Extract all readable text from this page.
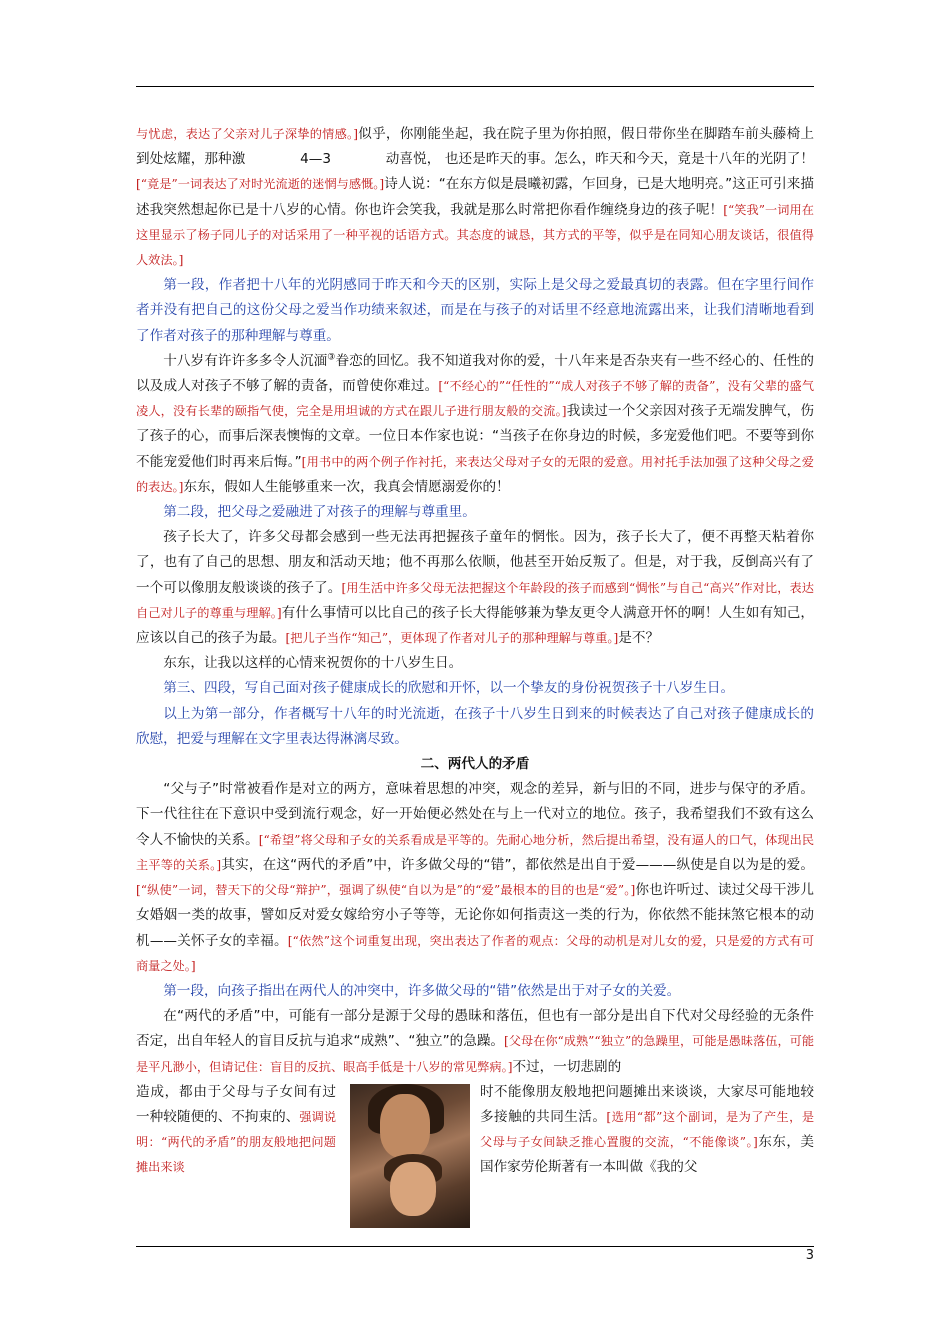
与忧虑，表达了父亲对儿子深挚的情感。]似乎，你刚能坐起，我在院子里为你拍照，假日带你坐在脚踏车前头藤椅上到处炫耀，那种激　　　　4—3　　　　动喜悦， 也还是昨天的事。怎么，昨天和今天，竟是十八年的光阴了！[“竟是”一词表达了对时光流逝的迷惘与感慨。]诗人说：“在东方似是晨曦初露，乍回身，已是大地明亮。”这正可引来描述我突然想起你已是十八岁的心情。你也许会笑我，我就是那么时常把你看作缠绕身边的孩子呢！[“笑我”一词用在这里显示了杨子同儿子的对话采用了一种平视的话语方式。其态度的诚恳，其方式的平等，似乎是在同知心朋友谈话，很值得人效法。]

第一段，作者把十八年的光阴感同于昨天和今天的区别，实际上是父母之爱最真切的表露。但在字里行间作者并没有把自己的这份父母之爱当作功绩来叙述，而是在与孩子的对话里不经意地流露出来，让我们清晰地看到了作者对孩子的那种理解与尊重。

十八岁有许许多多令人沉湎③眷恋的回忆。我不知道我对你的爱，十八年来是否杂夹有一些不经心的、任性的以及成人对孩子不够了解的责备，而曾使你难过。[“不经心的”“任性的”“成人对孩子不够了解的责备”，没有父辈的盛气凌人，没有长辈的颐指气使，完全是用坦诚的方式在跟儿子进行朋友般的交流。]我读过一个父亲因对孩子无端发脾气，伤了孩子的心，而事后深表懊悔的文章。一位日本作家也说：“当孩子在你身边的时候，多宠爱他们吧。不要等到你不能宠爱他们时再来后悔。”[用书中的两个例子作衬托，来表达父母对子女的无限的爱意。用衬托手法加强了这种父母之爱的表达。]东东，假如人生能够重来一次，我真会情愿溺爱你的！

第二段，把父母之爱融进了对孩子的理解与尊重里。

孩子长大了，许多父母都会感到一些无法再把握孩子童年的惘怅。因为，孩子长大了，便不再整天粘着你了，也有了自己的思想、朋友和活动天地；他不再那么依顺，他甚至开始反叛了。但是，对于我，反倒高兴有了一个可以像朋友般谈谈的孩子了。[用生活中许多父母无法把握这个年龄段的孩子而感到“惆怅”与自己“高兴”作对比，表达自己对儿子的尊重与理解。]有什么事情可以比自己的孩子长大得能够兼为挚友更令人满意开怀的啊！人生如有知己，应该以自己的孩子为最。[把儿子当作“知己”，更体现了作者对儿子的那种理解与尊重。]是不？

东东，让我以这样的心情来祝贺你的十八岁生日。

第三、四段，写自己面对孩子健康成长的欣慰和开怀，以一个挚友的身份祝贺孩子十八岁生日。

以上为第一部分，作者概写十八年的时光流逝，在孩子十八岁生日到来的时候表达了自己对孩子健康成长的欣慰，把爱与理解在文字里表达得淋漓尽致。

二、两代人的矛盾

“父与子”时常被看作是对立的两方，意味着思想的冲突，观念的差异，新与旧的不同，进步与保守的矛盾。下一代往往在下意识中受到流行观念，好一开始便必然处在与上一代对立的地位。孩子，我希望我们不致有这么令人不愉快的关系。[“希望”将父母和子女的关系看成是平等的。先耐心地分析，然后提出希望，没有逼人的口气，体现出民主平等的关系。]其实，在这“两代的矛盾”中，许多做父母的“错”，都依然是出自于爱———纵使是自以为是的爱。[“纵使”一词，替天下的父母“辩护”，强调了纵使“自以为是”的“爱”最根本的目的也是“爱”。]你也许听过、读过父母干涉儿女婚姻一类的故事，譬如反对爱女嫁给穷小子等等，无论你如何指责这一类的行为，你依然不能抹煞它根本的动机——关怀子女的幸福。[“依然”这个词重复出现，突出表达了作者的观点：父母的动机是对儿女的爱，只是爱的方式有可商量之处。]

第一段，向孩子指出在两代人的冲突中，许多做父母的“错”依然是出于对子女的关爱。

在“两代的矛盾”中，可能有一部分是源于父母的愚昧和落伍，但也有一部分是出自下代对父母经验的无条件否定，出自年轻人的盲目反抗与追求“成熟”、“独立”的急躁。[父母在你“成熟”“独立”的急躁里，可能是愚昧落伍，可能是平凡渺小，但请记住：盲目的反抗、眼高手低是十八岁的常见弊病。]不过，一切悲剧的

造成，都由于父母与子女间有过一种较随便的、不拘束的、强调说明：“两代的矛盾”的朋友般地把问题摊出来谈

时不能像朋友般地把问题摊出来谈谈，大家尽可能地较多接触的共同生活。[选用“都”这个副词，是为了产生，是父母与子女间缺乏推心置腹的交流，“不能像谈”。]东东，美国作家劳伦斯著有一本叫做《我的父

3
